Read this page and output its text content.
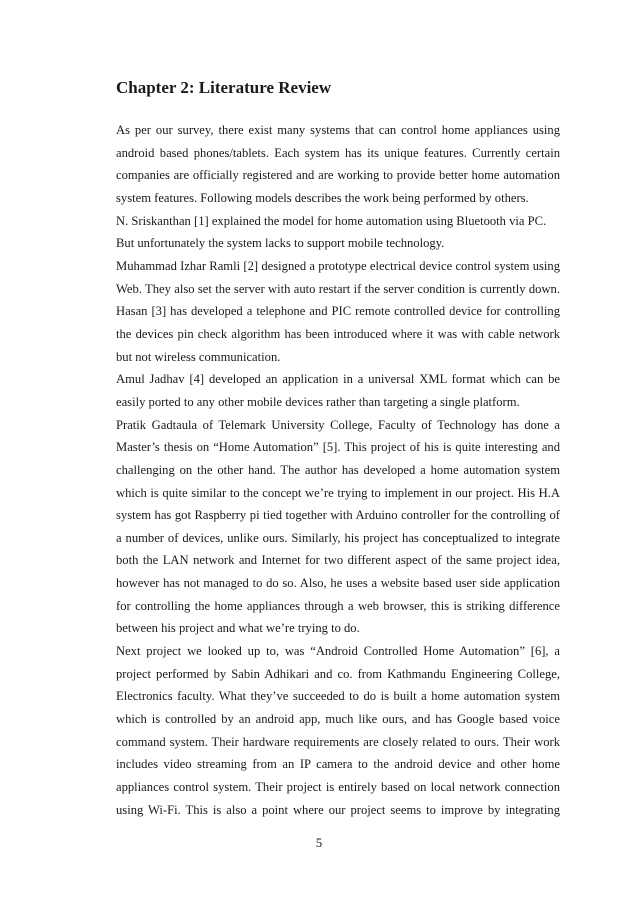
Chapter 2: Literature Review
As per our survey, there exist many systems that can control home appliances using
android based phones/tablets. Each system has its unique features. Currently certain
companies are officially registered and are working to provide better home automation
system features. Following models describes the work being performed by others.
N. Sriskanthan [1] explained the model for home automation using Bluetooth via PC.
But unfortunately the system lacks to support mobile technology.
Muhammad Izhar Ramli [2] designed a prototype electrical device control system using
Web. They also set the server with auto restart if the server condition is currently down.
Hasan [3] has developed a telephone and PIC remote controlled device for controlling
the devices pin check algorithm has been introduced where it was with cable network
but not wireless communication.
Amul Jadhav [4] developed an application in a universal XML format which can be
easily ported to any other mobile devices rather than targeting a single platform.
Pratik Gadtaula of Telemark University College, Faculty of Technology has done a
Master’s thesis on “Home Automation” [5]. This project of his is quite interesting and
challenging on the other hand. The author has developed a home automation system
which is quite similar to the concept we’re trying to implement in our project. His H.A
system has got Raspberry pi tied together with Arduino controller for the controlling of
a number of devices, unlike ours. Similarly, his project has conceptualized to integrate
both the LAN network and Internet for two different aspect of the same project idea,
however has not managed to do so. Also, he uses a website based user side application
for controlling the home appliances through a web browser, this is striking difference
between his project and what we’re trying to do.
Next project we looked up to, was “Android Controlled Home Automation” [6], a
project performed by Sabin Adhikari and co. from Kathmandu Engineering College,
Electronics faculty. What they’ve succeeded to do is built a home automation system
which is controlled by an android app, much like ours, and has Google based voice
command system. Their hardware requirements are closely related to ours. Their work
includes video streaming from an IP camera to the android device and other home
appliances control system. Their project is entirely based on local network connection
using Wi-Fi. This is also a point where our project seems to improve by integrating
5
